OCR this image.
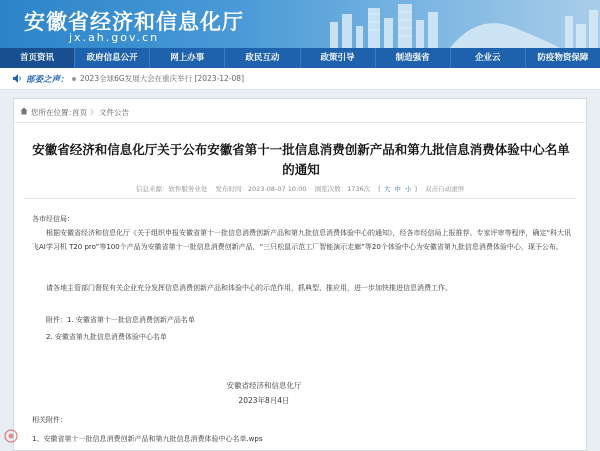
安徽省经济和信息化厅
jx.ah.gov.cn
首页资讯	政府信息公开	网上办事	政民互动	政策引导	制造强省	企业云	防疫物资保障
部委之声： 2023全球6G发展大会在重庆举行 [2023-12-08]
您所在位置：
首页 〉 文件公告
安徽省经济和信息化厅关于公布安徽省第十一批信息消费创新产品和第九批信息消费体验中心名单的通知
信息来源：软件服务业处 发布时间：2023-08-07 10:00 浏览次数：1736次 [ 大 中 小 ] 双击自动滚屏
各市经信局：
根据安徽省经济和信息化厅《关于组织申报安徽省第十一批信息消费创新产品和第九批信息消费体验中心的通知》，经各市经信局上报推荐、专家评审等程序，确定“科大讯飞AI学习机 T20 pro”等100个产品为安徽省第十一批信息消费创新产品，“三只松鼠示范工厂智能演示走廊”等20个体验中心为安徽省第九批信息消费体验中心，现予公布。
请各地主管部门督促有关企业充分发挥信息消费创新产品和体验中心的示范作用，抓典型、推应用，进一步加快推进信息消费工作。
附件：1. 安徽省第十一批信息消费创新产品名单
2. 安徽省第九批信息消费体验中心名单
安徽省经济和信息化厅
2023年8月4日
相关附件：
1、安徽省第十一批信息消费创新产品和第九批信息消费体验中心名单.wps
